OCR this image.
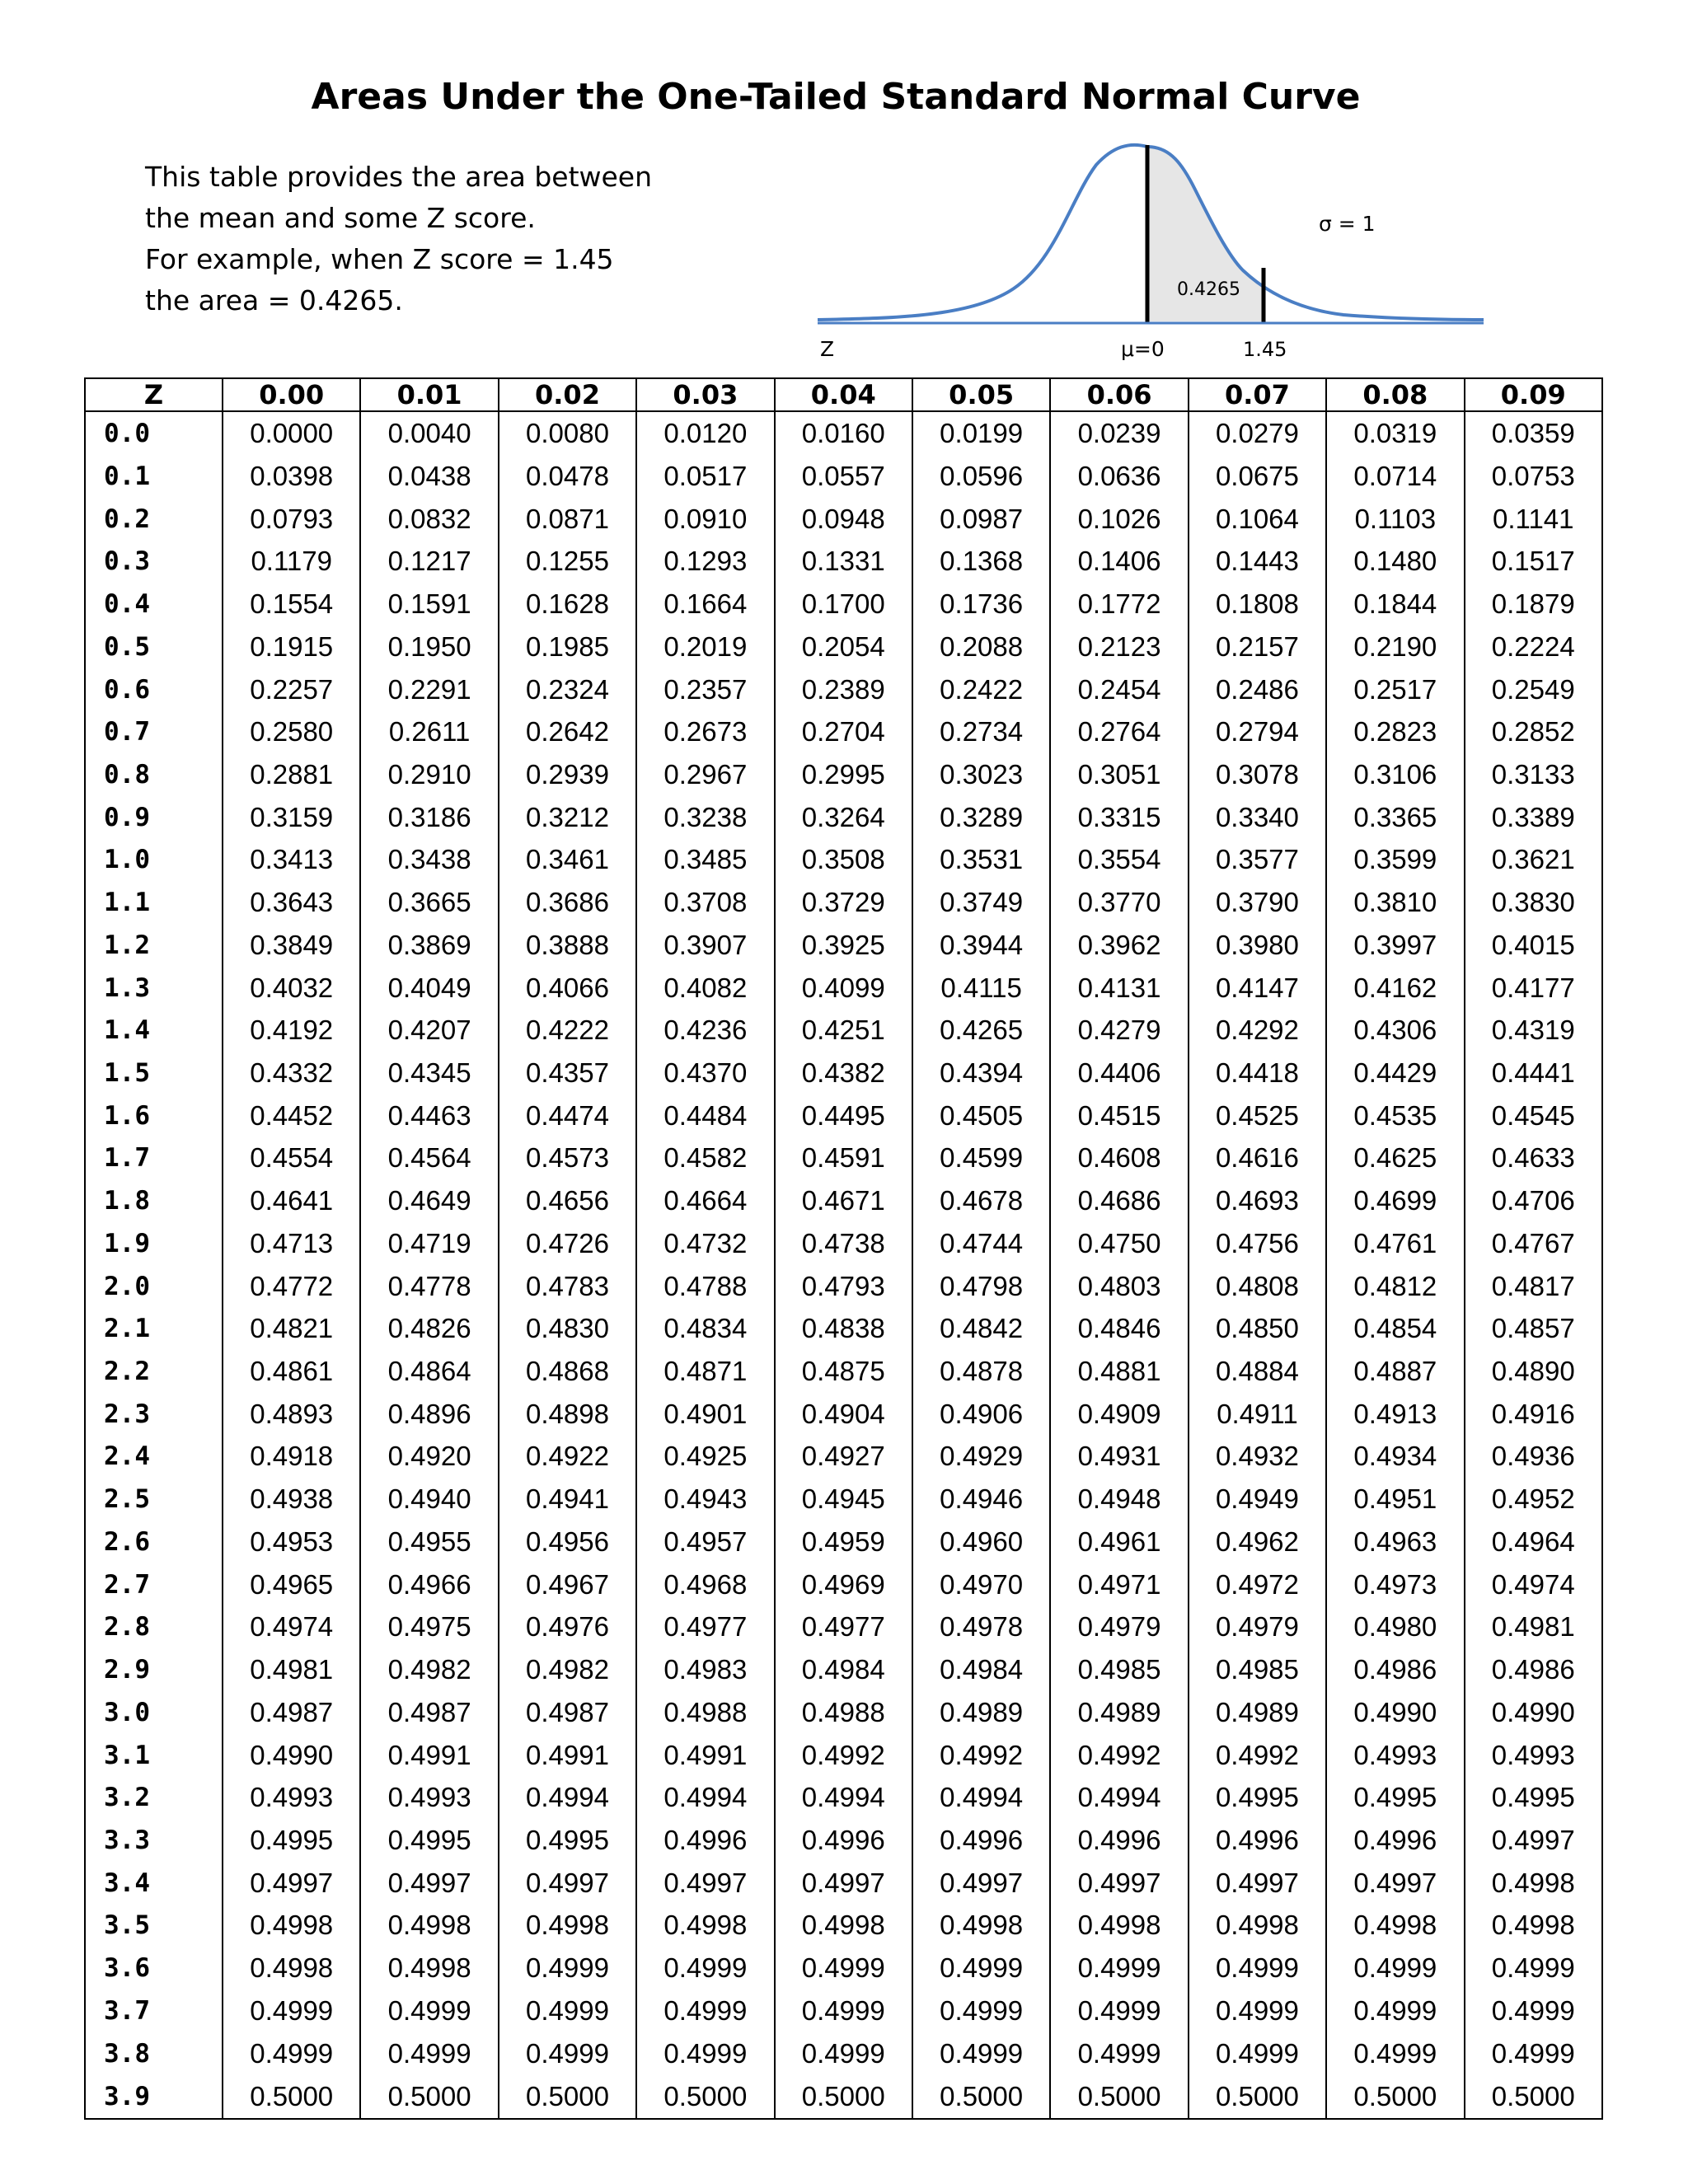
Areas Under the One-Tailed Standard Normal Curve
This table provides the area between
the mean and some Z score.
For example, when Z score = 1.45
the area = 0.4265.	0.4265
σ = 1
Z	μ=0	1.45
Z	0.00	0.01	0.02	0.03	0.04	0.05	0.06	0.07	0.08	0.09
0.0	0.0000	0.0040	0.0080	0.0120	0.0160	0.0199	0.0239	0.0279	0.0319	0.0359
0.1	0.0398	0.0438	0.0478	0.0517	0.0557	0.0596	0.0636	0.0675	0.0714	0.0753
0.2	0.0793	0.0832	0.0871	0.0910	0.0948	0.0987	0.1026	0.1064	0.1103	0.1141
0.3	0.1179	0.1217	0.1255	0.1293	0.1331	0.1368	0.1406	0.1443	0.1480	0.1517
0.4	0.1554	0.1591	0.1628	0.1664	0.1700	0.1736	0.1772	0.1808	0.1844	0.1879
0.5	0.1915	0.1950	0.1985	0.2019	0.2054	0.2088	0.2123	0.2157	0.2190	0.2224
0.6	0.2257	0.2291	0.2324	0.2357	0.2389	0.2422	0.2454	0.2486	0.2517	0.2549
0.7	0.2580	0.2611	0.2642	0.2673	0.2704	0.2734	0.2764	0.2794	0.2823	0.2852
0.8	0.2881	0.2910	0.2939	0.2967	0.2995	0.3023	0.3051	0.3078	0.3106	0.3133
0.9	0.3159	0.3186	0.3212	0.3238	0.3264	0.3289	0.3315	0.3340	0.3365	0.3389
1.0	0.3413	0.3438	0.3461	0.3485	0.3508	0.3531	0.3554	0.3577	0.3599	0.3621
1.1	0.3643	0.3665	0.3686	0.3708	0.3729	0.3749	0.3770	0.3790	0.3810	0.3830
1.2	0.3849	0.3869	0.3888	0.3907	0.3925	0.3944	0.3962	0.3980	0.3997	0.4015
1.3	0.4032	0.4049	0.4066	0.4082	0.4099	0.4115	0.4131	0.4147	0.4162	0.4177
1.4	0.4192	0.4207	0.4222	0.4236	0.4251	0.4265	0.4279	0.4292	0.4306	0.4319
1.5	0.4332	0.4345	0.4357	0.4370	0.4382	0.4394	0.4406	0.4418	0.4429	0.4441
1.6	0.4452	0.4463	0.4474	0.4484	0.4495	0.4505	0.4515	0.4525	0.4535	0.4545
1.7	0.4554	0.4564	0.4573	0.4582	0.4591	0.4599	0.4608	0.4616	0.4625	0.4633
1.8	0.4641	0.4649	0.4656	0.4664	0.4671	0.4678	0.4686	0.4693	0.4699	0.4706
1.9	0.4713	0.4719	0.4726	0.4732	0.4738	0.4744	0.4750	0.4756	0.4761	0.4767
2.0	0.4772	0.4778	0.4783	0.4788	0.4793	0.4798	0.4803	0.4808	0.4812	0.4817
2.1	0.4821	0.4826	0.4830	0.4834	0.4838	0.4842	0.4846	0.4850	0.4854	0.4857
2.2	0.4861	0.4864	0.4868	0.4871	0.4875	0.4878	0.4881	0.4884	0.4887	0.4890
2.3	0.4893	0.4896	0.4898	0.4901	0.4904	0.4906	0.4909	0.4911	0.4913	0.4916
2.4	0.4918	0.4920	0.4922	0.4925	0.4927	0.4929	0.4931	0.4932	0.4934	0.4936
2.5	0.4938	0.4940	0.4941	0.4943	0.4945	0.4946	0.4948	0.4949	0.4951	0.4952
2.6	0.4953	0.4955	0.4956	0.4957	0.4959	0.4960	0.4961	0.4962	0.4963	0.4964
2.7	0.4965	0.4966	0.4967	0.4968	0.4969	0.4970	0.4971	0.4972	0.4973	0.4974
2.8	0.4974	0.4975	0.4976	0.4977	0.4977	0.4978	0.4979	0.4979	0.4980	0.4981
2.9	0.4981	0.4982	0.4982	0.4983	0.4984	0.4984	0.4985	0.4985	0.4986	0.4986
3.0	0.4987	0.4987	0.4987	0.4988	0.4988	0.4989	0.4989	0.4989	0.4990	0.4990
3.1	0.4990	0.4991	0.4991	0.4991	0.4992	0.4992	0.4992	0.4992	0.4993	0.4993
3.2	0.4993	0.4993	0.4994	0.4994	0.4994	0.4994	0.4994	0.4995	0.4995	0.4995
3.3	0.4995	0.4995	0.4995	0.4996	0.4996	0.4996	0.4996	0.4996	0.4996	0.4997
3.4	0.4997	0.4997	0.4997	0.4997	0.4997	0.4997	0.4997	0.4997	0.4997	0.4998
3.5	0.4998	0.4998	0.4998	0.4998	0.4998	0.4998	0.4998	0.4998	0.4998	0.4998
3.6	0.4998	0.4998	0.4999	0.4999	0.4999	0.4999	0.4999	0.4999	0.4999	0.4999
3.7	0.4999	0.4999	0.4999	0.4999	0.4999	0.4999	0.4999	0.4999	0.4999	0.4999
3.8	0.4999	0.4999	0.4999	0.4999	0.4999	0.4999	0.4999	0.4999	0.4999	0.4999
3.9	0.5000	0.5000	0.5000	0.5000	0.5000	0.5000	0.5000	0.5000	0.5000	0.5000
